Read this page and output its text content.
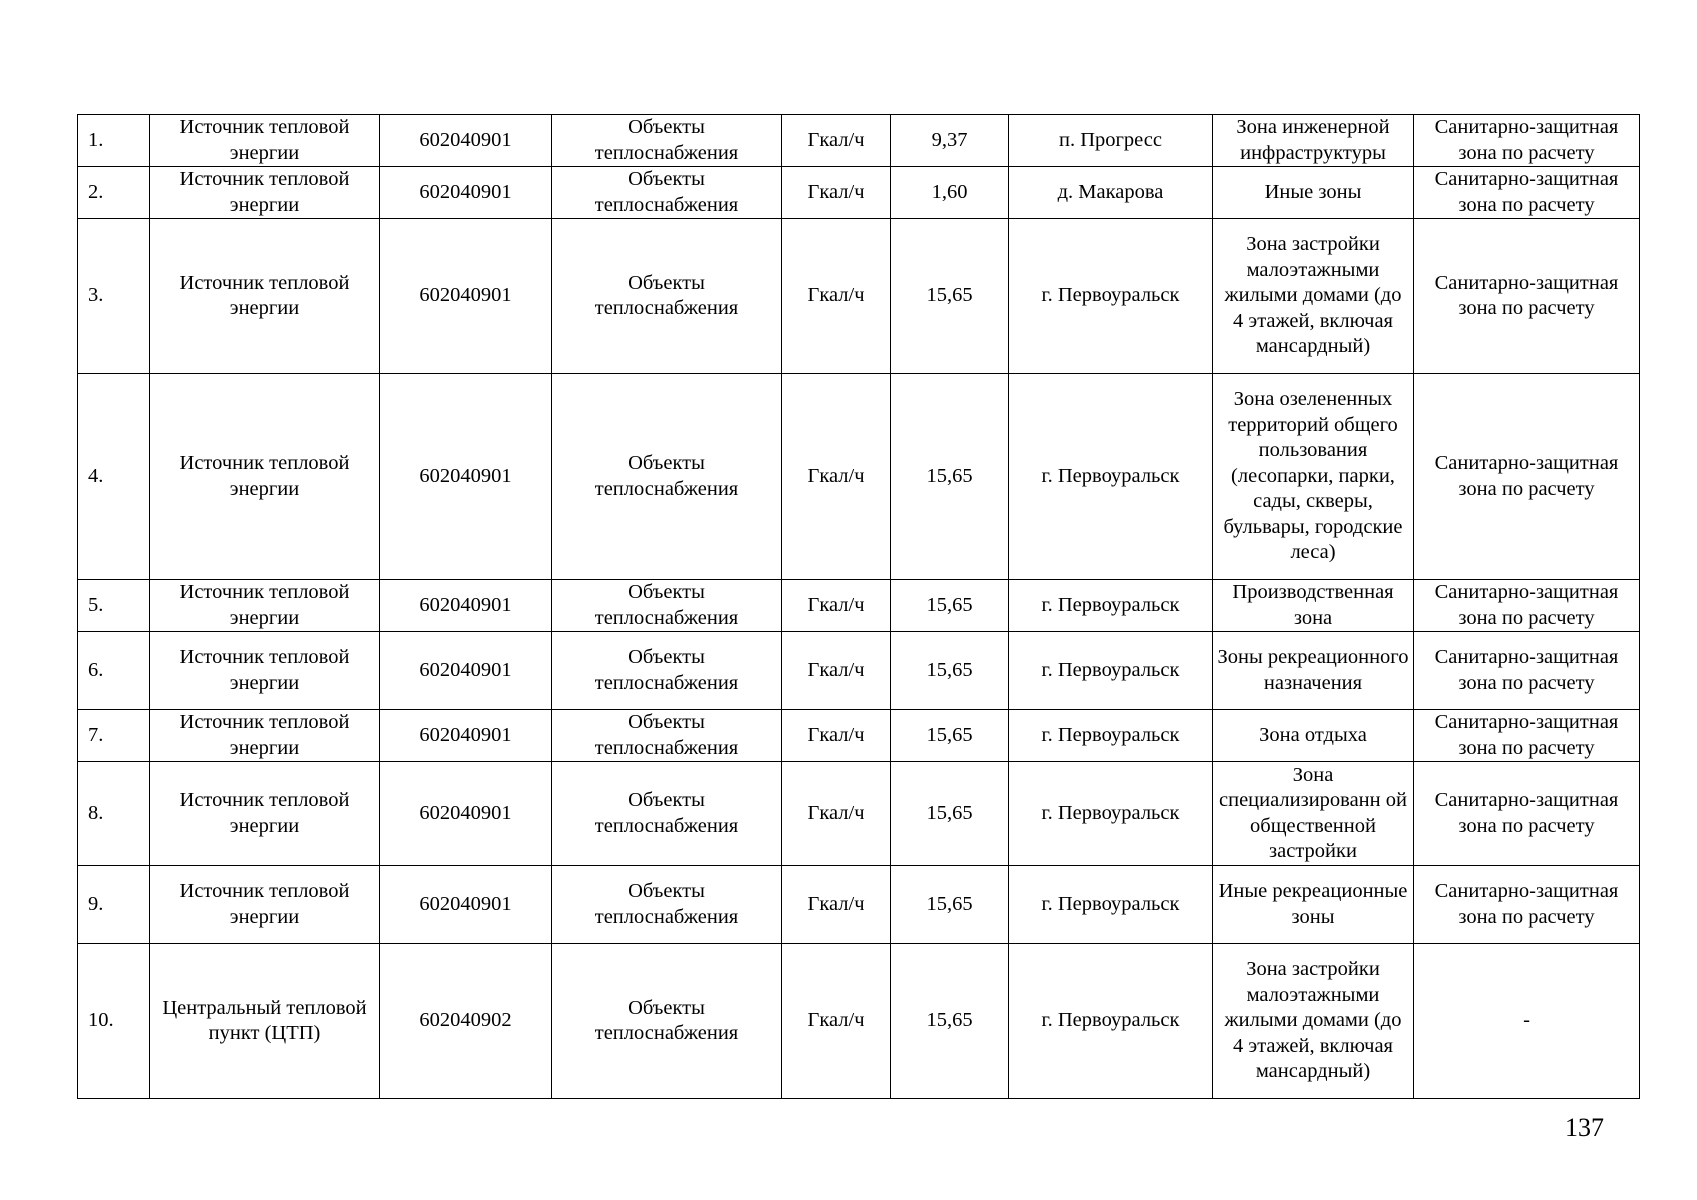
1.	Источник тепловой энергии	602040901	Объекты теплоснабжения	Гкал/ч	9,37	п. Прогресс	Зона инженерной инфраструктуры	Санитарно-защитная зона по расчету
2.	Источник тепловой энергии	602040901	Объекты теплоснабжения	Гкал/ч	1,60	д. Макарова	Иные зоны	Санитарно-защитная зона по расчету
3.	Источник тепловой энергии	602040901	Объекты теплоснабжения	Гкал/ч	15,65	г. Первоуральск	Зона застройки малоэтажными жилыми домами (до 4 этажей, включая мансардный)	Санитарно-защитная зона по расчету
4.	Источник тепловой энергии	602040901	Объекты теплоснабжения	Гкал/ч	15,65	г. Первоуральск	Зона озелененных территорий общего пользования (лесопарки, парки, сады, скверы, бульвары, городские леса)	Санитарно-защитная зона по расчету
5.	Источник тепловой энергии	602040901	Объекты теплоснабжения	Гкал/ч	15,65	г. Первоуральск	Производственная зона	Санитарно-защитная зона по расчету
6.	Источник тепловой энергии	602040901	Объекты теплоснабжения	Гкал/ч	15,65	г. Первоуральск	Зоны рекреационного назначения	Санитарно-защитная зона по расчету
7.	Источник тепловой энергии	602040901	Объекты теплоснабжения	Гкал/ч	15,65	г. Первоуральск	Зона отдыха	Санитарно-защитная зона по расчету
8.	Источник тепловой энергии	602040901	Объекты теплоснабжения	Гкал/ч	15,65	г. Первоуральск	Зона специализированн ой общественной застройки	Санитарно-защитная зона по расчету
9.	Источник тепловой энергии	602040901	Объекты теплоснабжения	Гкал/ч	15,65	г. Первоуральск	Иные рекреационные зоны	Санитарно-защитная зона по расчету
10.	Центральный тепловой пункт (ЦТП)	602040902	Объекты теплоснабжения	Гкал/ч	15,65	г. Первоуральск	Зона застройки малоэтажными жилыми домами (до 4 этажей, включая мансардный)	-
137
